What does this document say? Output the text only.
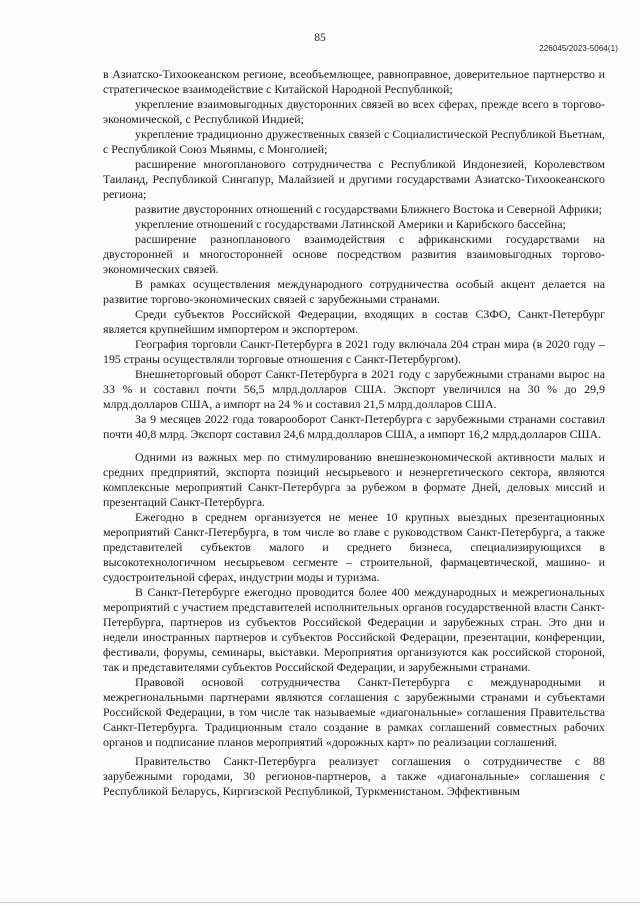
85
226045/2023-5064(1)

в Азиатско-Тихоокеанском регионе, всеобъемлющее, равноправное, доверительное партнерство и стратегическое взаимодействие с Китайской Народной Республикой;

укрепление взаимовыгодных двусторонних связей во всех сферах, прежде всего в торгово-экономической, с Республикой Индией;

укрепление традиционно дружественных связей с Социалистической Республикой Вьетнам, с Республикой Союз Мьянмы, с Монголией;

расширение многопланового сотрудничества с Республикой Индонезией, Королевством Таиланд, Республикой Сингапур, Малайзией и другими государствами Азиатско-Тихоокеанского региона;

развитие двусторонних отношений с государствами Ближнего Востока и Северной Африки;

укрепление отношений с государствами Латинской Америки и Карибского бассейна;

расширение разнопланового взаимодействия с африканскими государствами на двусторонней и многосторонней основе посредством развития взаимовыгодных торгово-экономических связей.

В рамках осуществления международного сотрудничества особый акцент делается на развитие торгово-экономических связей с зарубежными странами.

Среди субъектов Российской Федерации, входящих в состав СЗФО, Санкт-Петербург является крупнейшим импортером и экспортером.

География торговли Санкт-Петербурга в 2021 году включала 204 стран мира (в 2020 году – 195 страны осуществляли торговые отношения с Санкт-Петербургом).

Внешнеторговый оборот Санкт-Петербурга в 2021 году с зарубежными странами вырос на 33 % и составил почти 56,5 млрд.долларов США. Экспорт увеличился на 30 % до 29,9 млрд.долларов США, а импорт на 24 % и составил 21,5 млрд.долларов США.

За 9 месяцев 2022 года товарооборот Санкт-Петербурга с зарубежными странами составил почти 40,8 млрд. Экспорт составил 24,6 млрд.долларов США, а импорт 16,2 млрд.долларов США.

Одними из важных мер по стимулированию внешнеэкономической активности малых и средних предприятий, экспорта позиций несырьевого и неэнергетического сектора, являются комплексные мероприятий Санкт-Петербурга за рубежом в формате Дней, деловых миссий и презентаций Санкт-Петербурга.

Ежегодно в среднем организуется не менее 10 крупных выездных презентационных мероприятий Санкт-Петербурга, в том числе во главе с руководством Санкт-Петербурга, а также представителей субъектов малого и среднего бизнеса, специализирующихся в высокотехнологичном несырьевом сегменте – строительной, фармацевтической, машино- и судостроительной сферах, индустрии моды и туризма.

В Санкт-Петербурге ежегодно проводится более 400 международных и межрегиональных мероприятий с участием представителей исполнительных органов государственной власти Санкт-Петербурга, партнеров из субъектов Российской Федерации и зарубежных стран. Это дни и недели иностранных партнеров и субъектов Российской Федерации, презентации, конференции, фестивали, форумы, семинары, выставки. Мероприятия организуются как российской стороной, так и представителями субъектов Российской Федерации, и зарубежными странами.

Правовой основой сотрудничества Санкт-Петербурга с международными и межрегиональными партнерами являются соглашения с зарубежными странами и субъектами Российской Федерации, в том числе так называемые «диагональные» соглашения Правительства Санкт-Петербурга. Традиционным стало создание в рамках соглашений совместных рабочих органов и подписание планов мероприятий «дорожных карт» по реализации соглашений.

Правительство Санкт-Петербурга реализует соглашения о сотрудничестве с 88 зарубежными городами, 30 регионов-партнеров, а также «диагональные» соглашения с Республикой Беларусь, Киргизской Республикой, Туркменистаном. Эффективным
